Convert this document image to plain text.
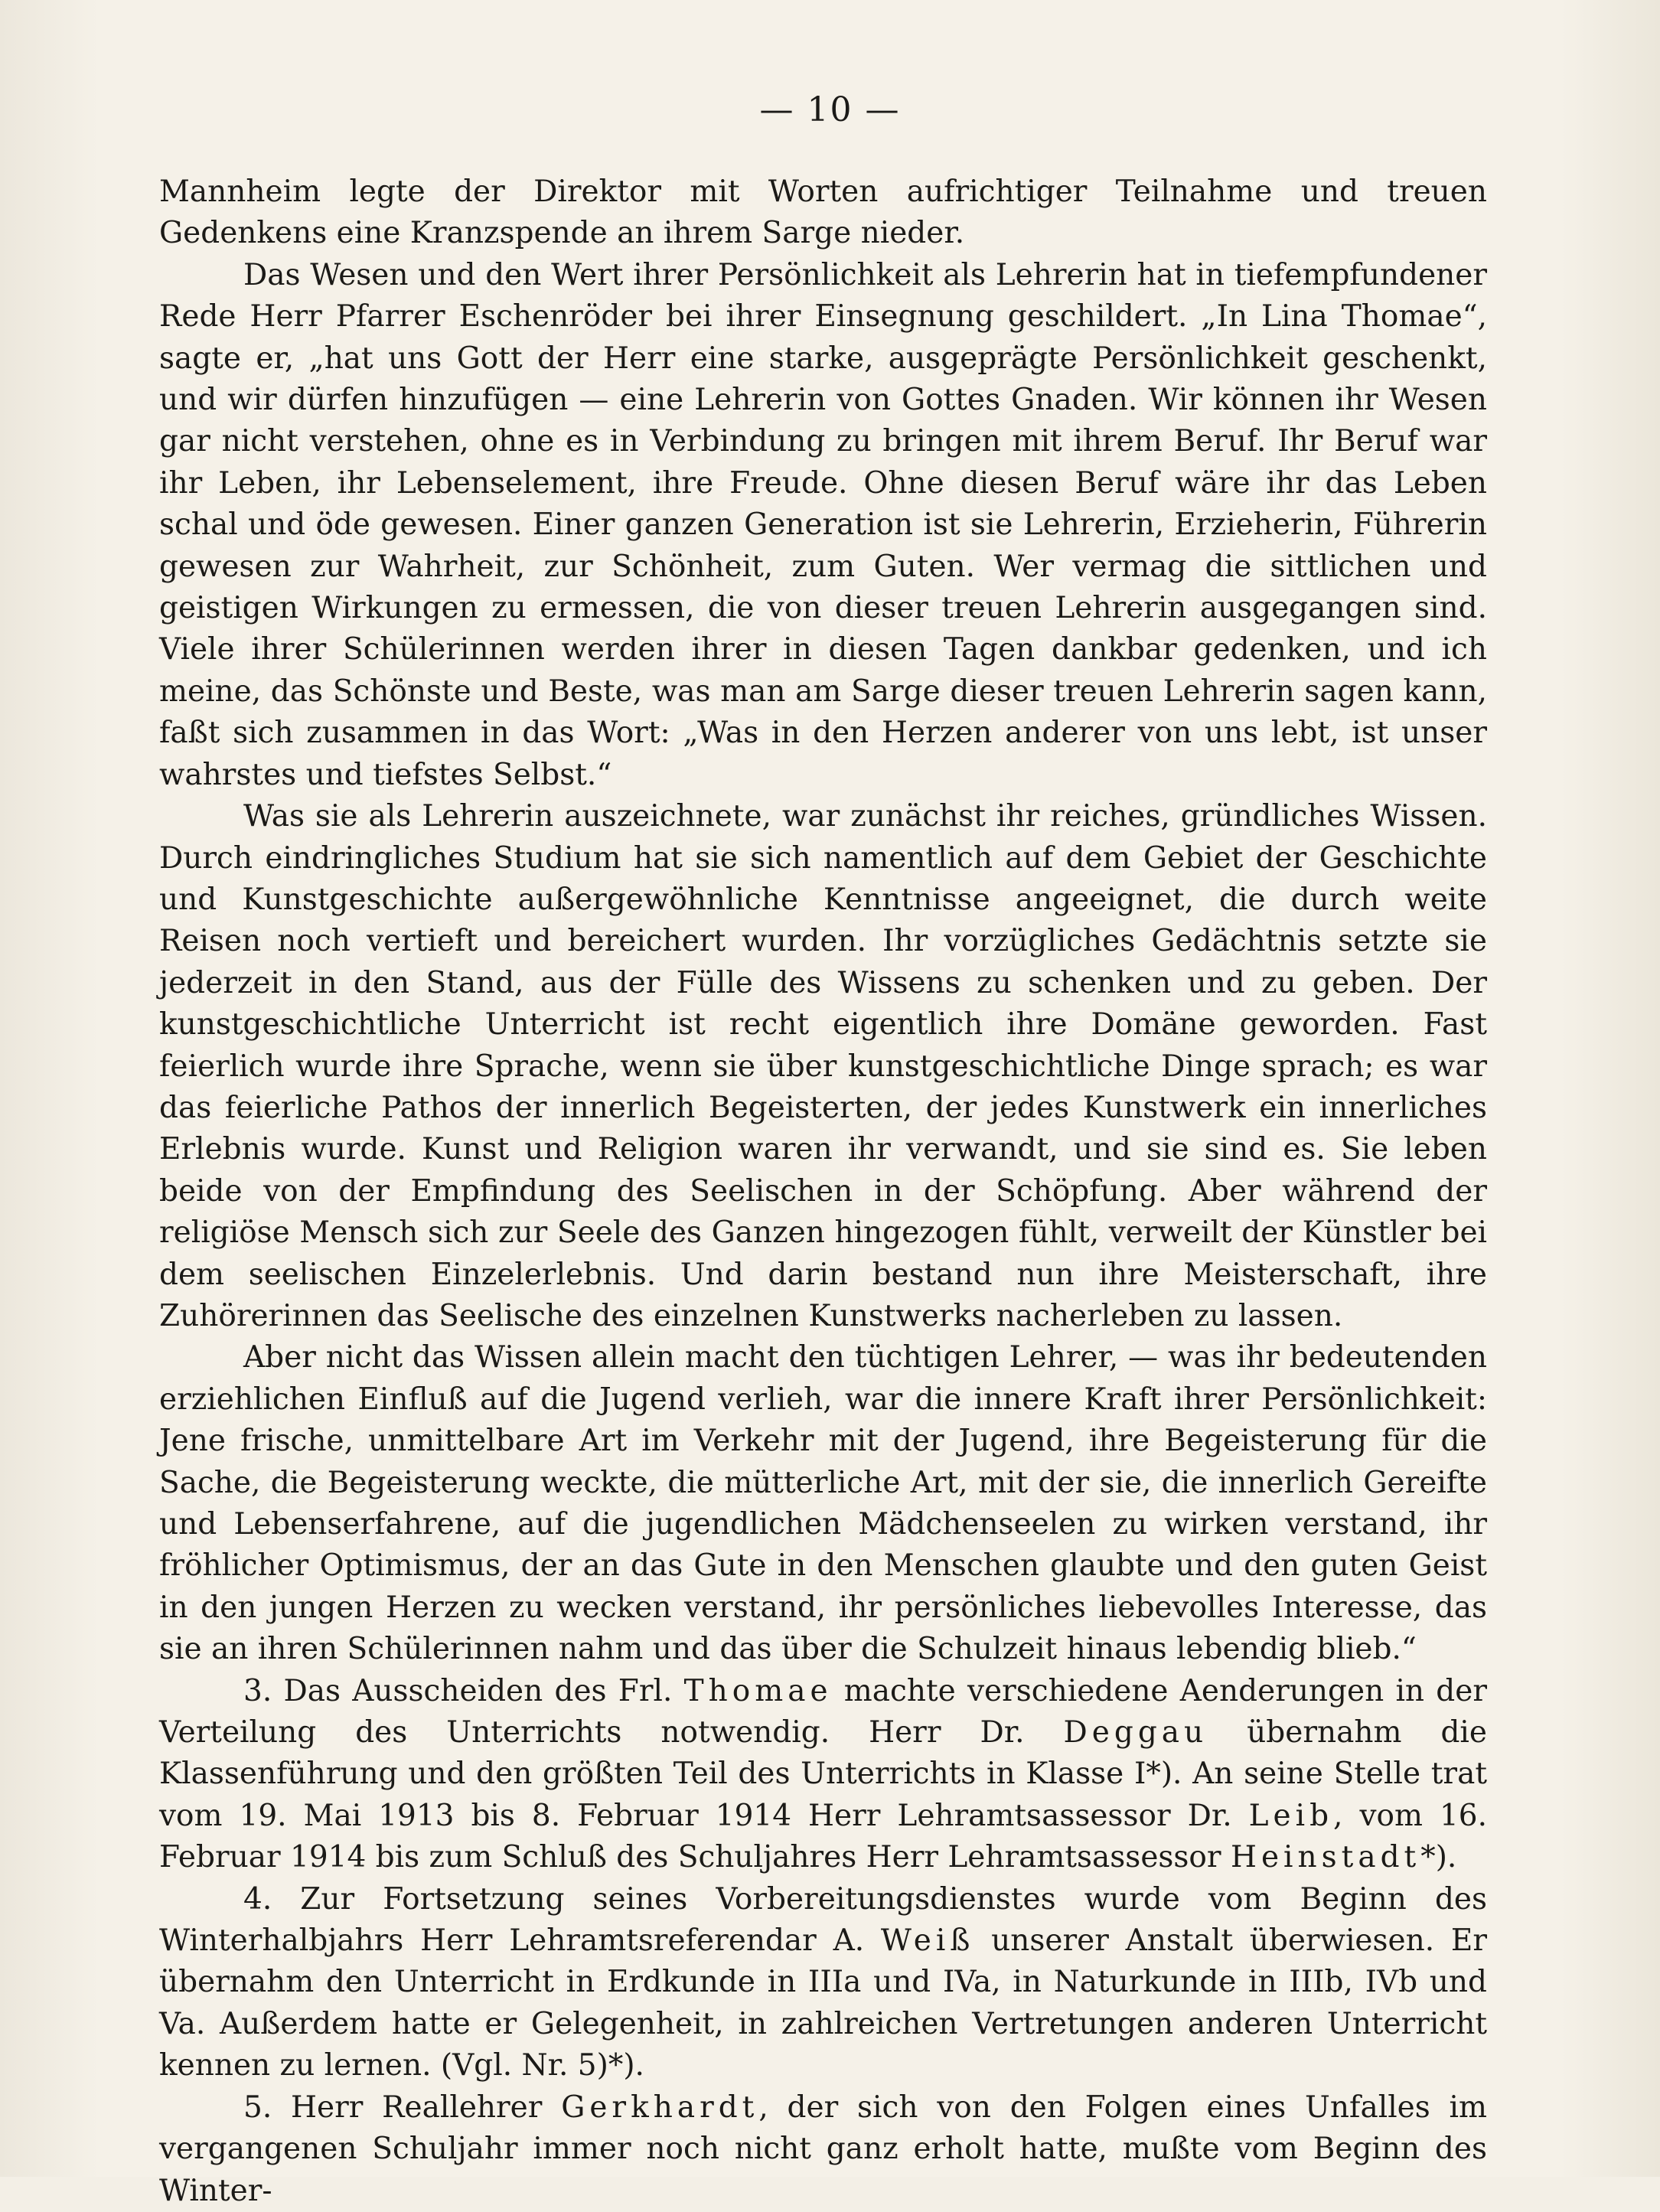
— 10 —

Mannheim legte der Direktor mit Worten aufrichtiger Teilnahme und treuen Gedenkens eine Kranzspende an ihrem Sarge nieder.

Das Wesen und den Wert ihrer Persönlichkeit als Lehrerin hat in tiefempfundener Rede Herr Pfarrer Eschenröder bei ihrer Einsegnung geschildert. „In Lina Thomae“, sagte er, „hat uns Gott der Herr eine starke, ausgeprägte Persönlichkeit geschenkt, und wir dürfen hinzufügen — eine Lehrerin von Gottes Gnaden. Wir können ihr Wesen gar nicht verstehen, ohne es in Verbindung zu bringen mit ihrem Beruf. Ihr Beruf war ihr Leben, ihr Lebenselement, ihre Freude. Ohne diesen Beruf wäre ihr das Leben schal und öde gewesen. Einer ganzen Generation ist sie Lehrerin, Erzieherin, Führerin gewesen zur Wahrheit, zur Schönheit, zum Guten. Wer vermag die sittlichen und geistigen Wirkungen zu ermessen, die von dieser treuen Lehrerin ausgegangen sind. Viele ihrer Schülerinnen werden ihrer in diesen Tagen dankbar gedenken, und ich meine, das Schönste und Beste, was man am Sarge dieser treuen Lehrerin sagen kann, faßt sich zusammen in das Wort: „Was in den Herzen anderer von uns lebt, ist unser wahrstes und tiefstes Selbst.“

Was sie als Lehrerin auszeichnete, war zunächst ihr reiches, gründliches Wissen. Durch eindringliches Studium hat sie sich namentlich auf dem Gebiet der Geschichte und Kunstgeschichte außergewöhnliche Kenntnisse angeeignet, die durch weite Reisen noch vertieft und bereichert wurden. Ihr vorzügliches Gedächtnis setzte sie jederzeit in den Stand, aus der Fülle des Wissens zu schenken und zu geben. Der kunstgeschichtliche Unterricht ist recht eigentlich ihre Domäne geworden. Fast feierlich wurde ihre Sprache, wenn sie über kunstgeschichtliche Dinge sprach; es war das feierliche Pathos der innerlich Begeisterten, der jedes Kunstwerk ein innerliches Erlebnis wurde. Kunst und Religion waren ihr verwandt, und sie sind es. Sie leben beide von der Empfindung des Seelischen in der Schöpfung. Aber während der religiöse Mensch sich zur Seele des Ganzen hingezogen fühlt, verweilt der Künstler bei dem seelischen Einzelerlebnis. Und darin bestand nun ihre Meisterschaft, ihre Zuhörerinnen das Seelische des einzelnen Kunstwerks nacherleben zu lassen.

Aber nicht das Wissen allein macht den tüchtigen Lehrer, — was ihr bedeutenden erziehlichen Einfluß auf die Jugend verlieh, war die innere Kraft ihrer Persönlichkeit: Jene frische, unmittelbare Art im Verkehr mit der Jugend, ihre Begeisterung für die Sache, die Begeisterung weckte, die mütterliche Art, mit der sie, die innerlich Gereifte und Lebenserfahrene, auf die jugendlichen Mädchenseelen zu wirken verstand, ihr fröhlicher Optimismus, der an das Gute in den Menschen glaubte und den guten Geist in den jungen Herzen zu wecken verstand, ihr persönliches liebevolles Interesse, das sie an ihren Schülerinnen nahm und das über die Schulzeit hinaus lebendig blieb.“

3. Das Ausscheiden des Frl. Thomae machte verschiedene Aenderungen in der Verteilung des Unterrichts notwendig. Herr Dr. Deggau übernahm die Klassenführung und den größten Teil des Unterrichts in Klasse I*). An seine Stelle trat vom 19. Mai 1913 bis 8. Februar 1914 Herr Lehramtsassessor Dr. Leib, vom 16. Februar 1914 bis zum Schluß des Schuljahres Herr Lehramtsassessor Heinstadt*).

4. Zur Fortsetzung seines Vorbereitungsdienstes wurde vom Beginn des Winterhalbjahrs Herr Lehramtsreferendar A. Weiß unserer Anstalt überwiesen. Er übernahm den Unterricht in Erdkunde in IIIa und IVa, in Naturkunde in IIIb, IVb und Va. Außerdem hatte er Gelegenheit, in zahlreichen Vertretungen anderen Unterricht kennen zu lernen. (Vgl. Nr. 5)*).

5. Herr Reallehrer Gerkhardt, der sich von den Folgen eines Unfalles im vergangenen Schuljahr immer noch nicht ganz erholt hatte, mußte vom Beginn des Winter-
